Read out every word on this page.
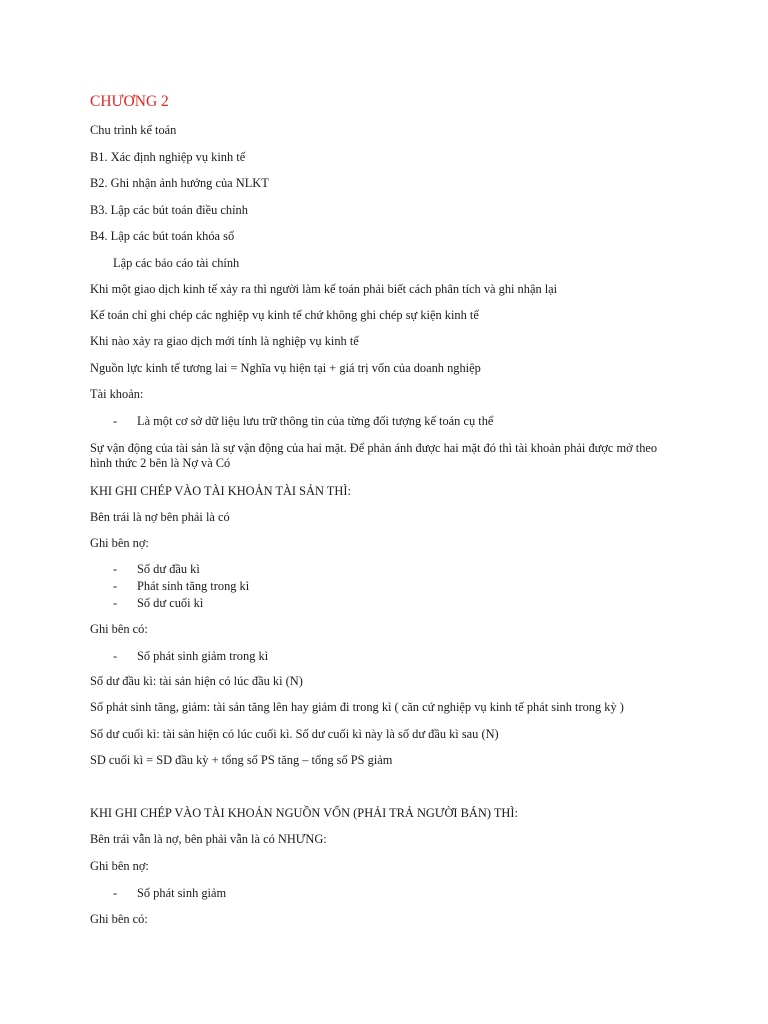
CHƯƠNG 2
Chu trình kế toán
B1. Xác định nghiệp vụ kinh tế
B2. Ghi nhận ảnh hưởng của NLKT
B3. Lập các bút toán điều chỉnh
B4. Lập các bút toán khóa sổ
Lập các báo cáo tài chính
Khi một giao dịch kinh tế xảy ra thì người làm kế toán phải biết cách phân tích và ghi nhận lại
Kế toán chỉ ghi chép các nghiệp vụ kinh tế chứ không ghi chép sự kiện kinh tế
Khi nào xảy ra giao dịch mới tính là nghiệp vụ kinh tế
Nguồn lực kinh tế tương lai = Nghĩa vụ hiện tại + giá trị vốn của doanh nghiệp
Tài khoản:
- Là một cơ sở dữ liệu lưu trữ thông tin của từng đối tượng kế toán cụ thể
Sự vận động của tài sản là sự vận động của hai mặt. Để phản ánh được hai mặt đó thì tài khoản phải được mở theo hình thức 2 bên là Nợ và Có
KHI GHI CHÉP VÀO TÀI KHOẢN TÀI SẢN THÌ:
Bên trái là nợ bên phải là có
Ghi bên nợ:
- Số dư đầu kì
- Phát sinh tăng trong kì
- Số dư cuối kì
Ghi bên có:
- Số phát sinh giảm trong kì
Số dư đầu kì: tài sản hiện có lúc đầu kì (N)
Số phát sinh tăng, giảm: tài sản tăng lên hay giảm đi trong kì ( căn cứ nghiệp vụ kinh tế phát sinh trong kỳ )
Số dư cuối kì: tài sản hiện có lúc cuối kì. Số dư cuối kì này là số dư đầu kì sau (N)
SD cuối kì = SD đầu kỳ + tổng số PS tăng – tổng số PS giảm
KHI GHI CHÉP VÀO TÀI KHOẢN NGUỒN VỐN (PHẢI TRẢ NGƯỜI BÁN) THÌ:
Bên trái vẫn là nợ, bên phải vẫn là có NHƯNG:
Ghi bên nợ:
- Số phát sinh giảm
Ghi bên có:
